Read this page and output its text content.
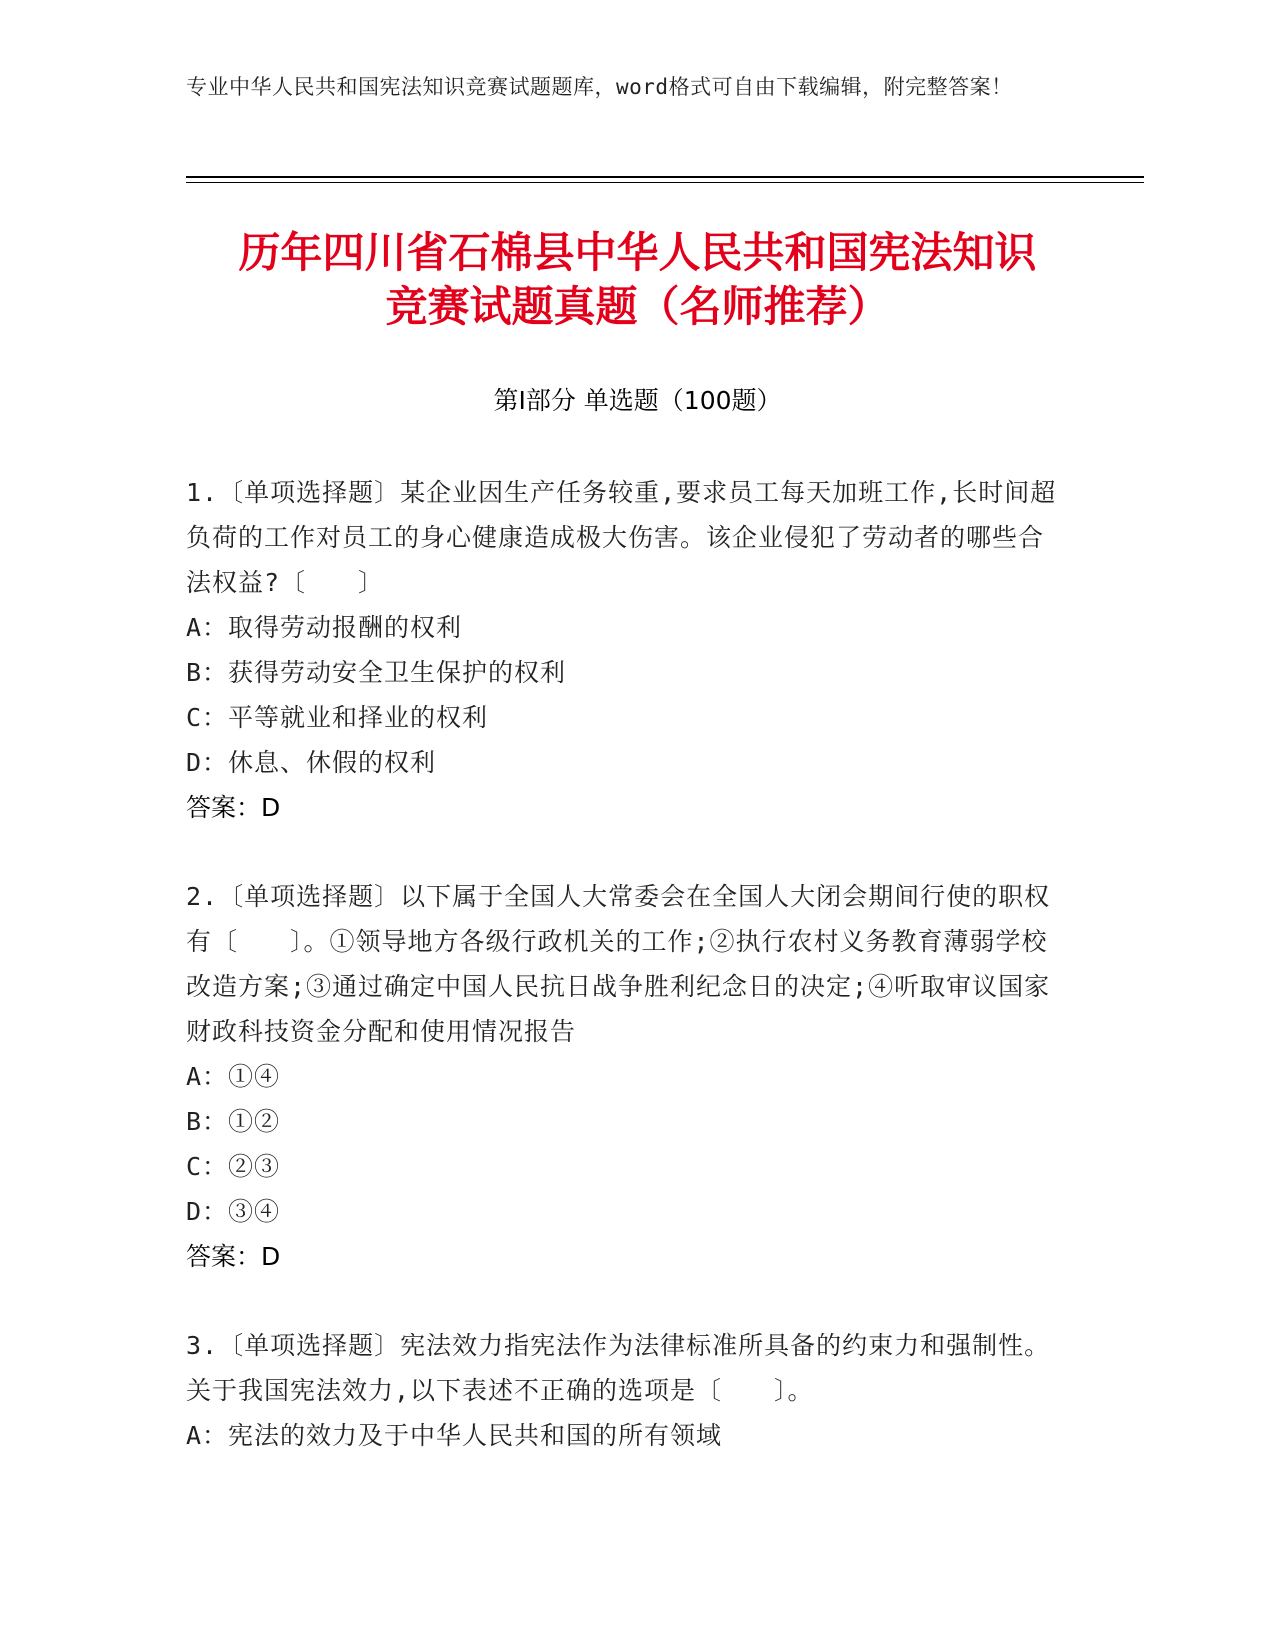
专业中华人民共和国宪法知识竞赛试题题库，word格式可自由下载编辑，附完整答案！
历年四川省石棉县中华人民共和国宪法知识
竞赛试题真题（名师推荐）
第Ⅰ部分 单选题（100题）

1.〔单项选择题〕某企业因生产任务较重,要求员工每天加班工作,长时间超负荷的工作对员工的身心健康造成极大伤害。该企业侵犯了劳动者的哪些合法权益?〔　　〕

A：取得劳动报酬的权利
B：获得劳动安全卫生保护的权利
C：平等就业和择业的权利
D：休息、休假的权利
答案：D

2.〔单项选择题〕以下属于全国人大常委会在全国人大闭会期间行使的职权有〔　　〕。①领导地方各级行政机关的工作;②执行农村义务教育薄弱学校改造方案;③通过确定中国人民抗日战争胜利纪念日的决定;④听取审议国家财政科技资金分配和使用情况报告

A：①④
B：①②
C：②③
D：③④
答案：D

3.〔单项选择题〕宪法效力指宪法作为法律标准所具备的约束力和强制性。关于我国宪法效力,以下表述不正确的选项是〔　　〕。

A：宪法的效力及于中华人民共和国的所有领域
